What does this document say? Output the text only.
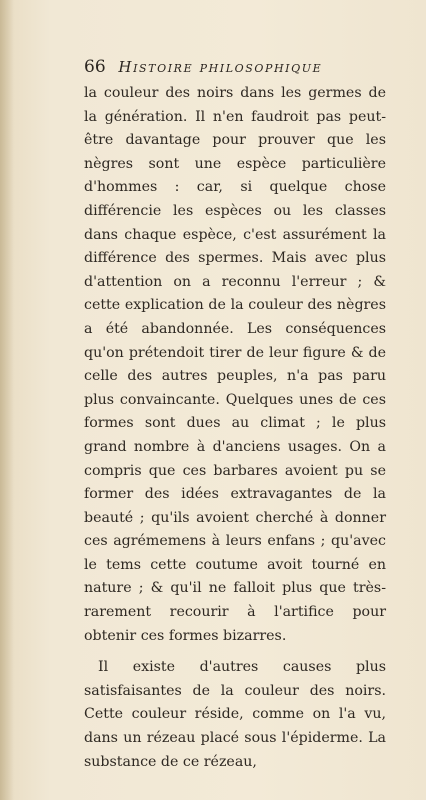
66 Histoire philosophique

la couleur des noirs dans les germes de la génération. Il n'en faudroit pas peut-être davantage pour prouver que les nègres sont une espèce particulière d'hommes : car, si quelque chose différencie les espèces ou les classes dans chaque espèce, c'est assurément la différence des spermes. Mais avec plus d'attention on a reconnu l'erreur ; & cette explication de la couleur des nègres a été abandonnée. Les conséquences qu'on prétendoit tirer de leur figure & de celle des autres peuples, n'a pas paru plus convaincante. Quelques unes de ces formes sont dues au climat ; le plus grand nombre à d'anciens usages. On a compris que ces barbares avoient pu se former des idées extravagantes de la beauté ; qu'ils avoient cherché à donner ces agrémemens à leurs enfans ; qu'avec le tems cette coutume avoit tourné en nature ; & qu'il ne falloit plus que très-rarement recourir à l'artifice pour obtenir ces formes bizarres.

Il existe d'autres causes plus satisfaisantes de la couleur des noirs. Cette couleur réside, comme on l'a vu, dans un rézeau placé sous l'épiderme. La substance de ce rézeau,
